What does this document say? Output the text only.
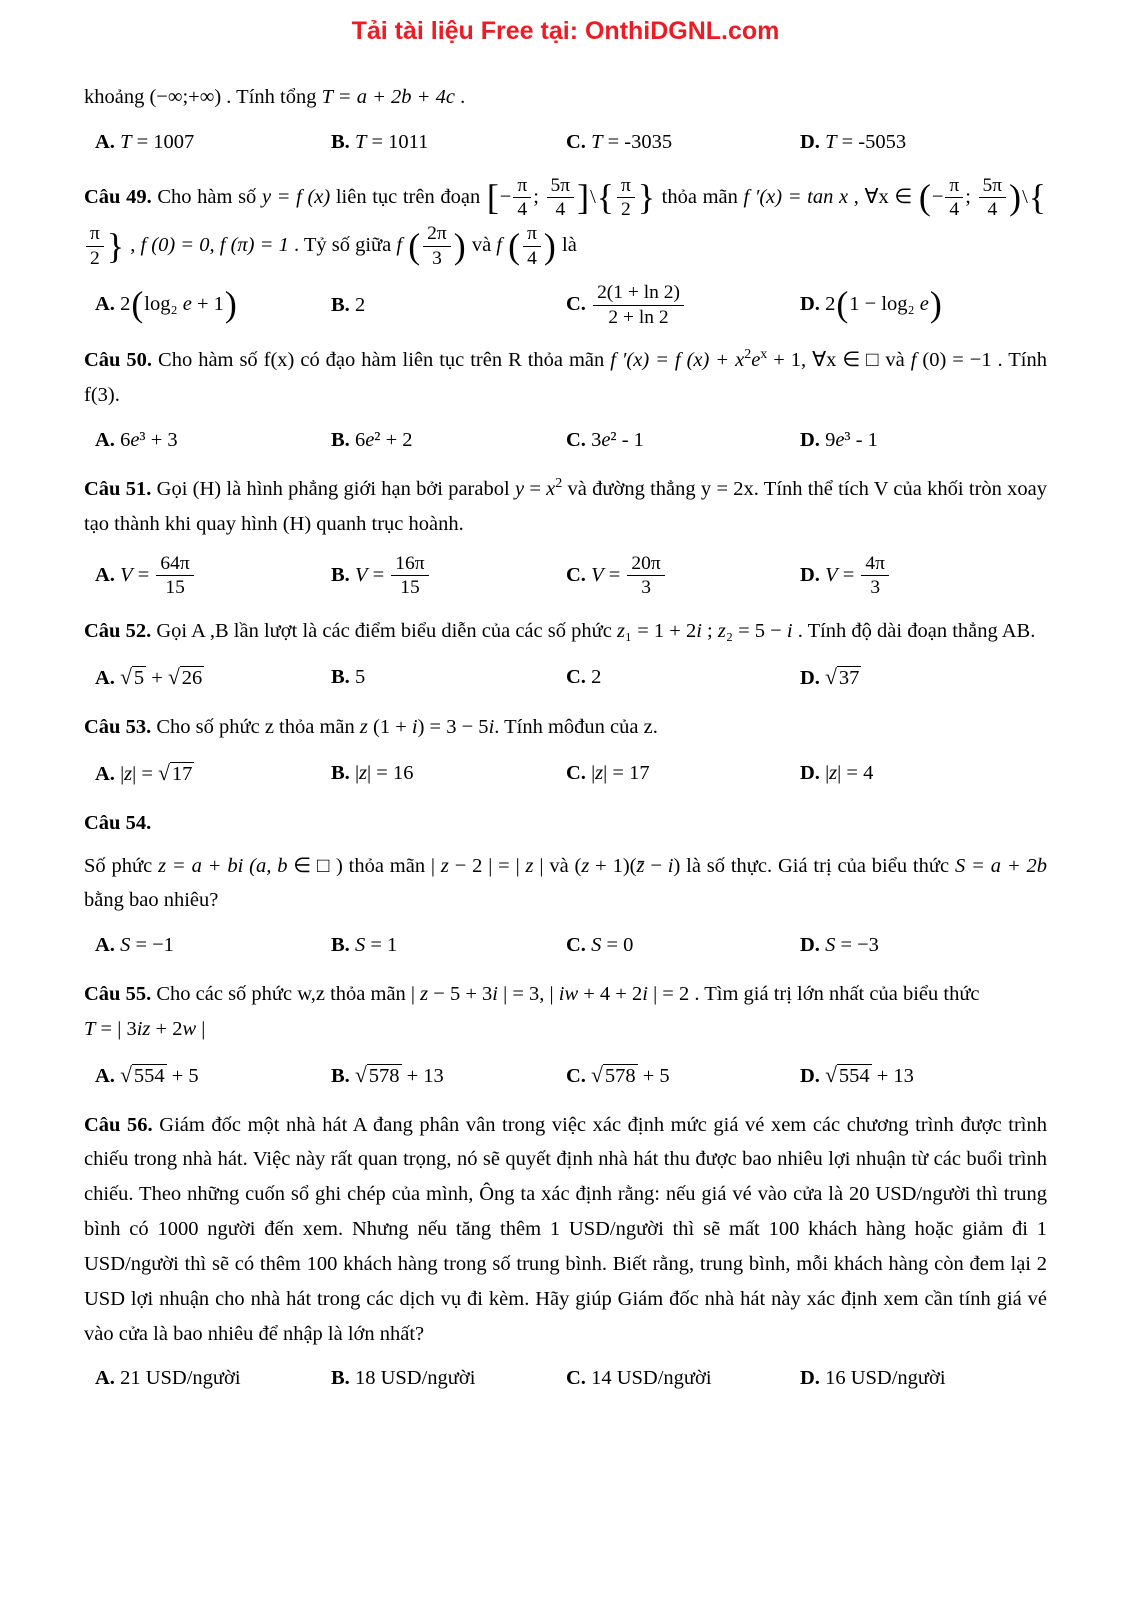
Tải tài liệu Free tại: OnthiDGNL.com

khoảng (−∞;+∞) . Tính tổng T = a + 2b + 4c .

A. T = 1007	B. T = 1011	C. T = -3035	D. T = -5053

Câu 49. Cho hàm số y = f (x) liên tục trên đoạn [− $\frac{\pi}{4}$ ; $\frac{5\pi}{4}$ ]\{ $\frac{\pi}{2}$ } thỏa mãn f ′(x) = tan x , ∀x ∈ (− $\frac{\pi}{4}$ ; $\frac{5\pi}{4}$ )\{
$\frac{\pi}{2}$ } , f (0) = 0, f (π) = 1 . Tỷ số giữa f ( $\frac{2\pi}{3}$ ) và f ( $\frac{\pi}{4}$ ) là

A. 2(log₂ e + 1)	B. 2	C. $\frac{2(1 + \ln 2)}{2 + \ln 2}$	D. 2(1 − log₂ e)

Câu 50. Cho hàm số f(x) có đạo hàm liên tục trên R thỏa mãn f ′(x) = f $(x) + x^2e^x + 1$, ∀x ∈ □ và f (0) = −1 . Tính f(3).

A. 6e³ + 3	B. 6e² + 2	C. 3e² - 1	D. 9e³ - 1

Câu 51. Gọi (H) là hình phẳng giới hạn bởi parabol $y = x^2$ và đường thẳng y = 2x. Tính thể tích V của khối tròn xoay tạo thành khi quay hình (H) quanh trục hoành.

A. $V = \frac{64\pi}{15}$	B. $V = \frac{16\pi}{15}$	C. $V = \frac{20\pi}{3}$	D. $V = \frac{4\pi}{3}$

Câu 52. Gọi A ,B lần lượt là các điểm biểu diễn của các số phức z₁ = 1 + 2i ; z₂ = 5 − i . Tính độ dài đoạn thẳng AB.

A. √5 + √26	B. 5	C. 2	D. √37

Câu 53. Cho số phức z thỏa mãn z (1 + i) = 3 − 5i. Tính môđun của z.

A. |z| = √17	B. |z| = 16	C. |z| = 17	D. |z| = 4

Câu 54.
Số phức z = a + bi (a, b ∈ □ ) thỏa mãn | z − 2 | = | z | và (z + 1)(z̄ − i) là số thực. Giá trị của biểu thức S = a + 2b bằng bao nhiêu?

A. S = −1	B. S = 1	C. S = 0	D. S = −3

Câu 55. Cho các số phức w,z thỏa mãn | z − 5 + 3i | = 3, | iw + 4 + 2i | = 2 . Tìm giá trị lớn nhất của biểu thức
T = | 3iz + 2w |

A. √554 + 5	B. √578 + 13	C. √578 + 5	D. √554 + 13

Câu 56. Giám đốc một nhà hát A đang phân vân trong việc xác định mức giá vé xem các chương trình được trình chiếu trong nhà hát. Việc này rất quan trọng, nó sẽ quyết định nhà hát thu được bao nhiêu lợi nhuận từ các buổi trình chiếu. Theo những cuốn sổ ghi chép của mình, Ông ta xác định rằng: nếu giá vé vào cửa là 20 USD/người thì trung bình có 1000 người đến xem. Nhưng nếu tăng thêm 1 USD/người thì sẽ mất 100 khách hàng hoặc giảm đi 1 USD/người thì sẽ có thêm 100 khách hàng trong số trung bình. Biết rằng, trung bình, mỗi khách hàng còn đem lại 2 USD lợi nhuận cho nhà hát trong các dịch vụ đi kèm. Hãy giúp Giám đốc nhà hát này xác định xem cần tính giá vé vào cửa là bao nhiêu để nhập là lớn nhất?

A. 21 USD/người	B. 18 USD/người	C. 14 USD/người	D. 16 USD/người
